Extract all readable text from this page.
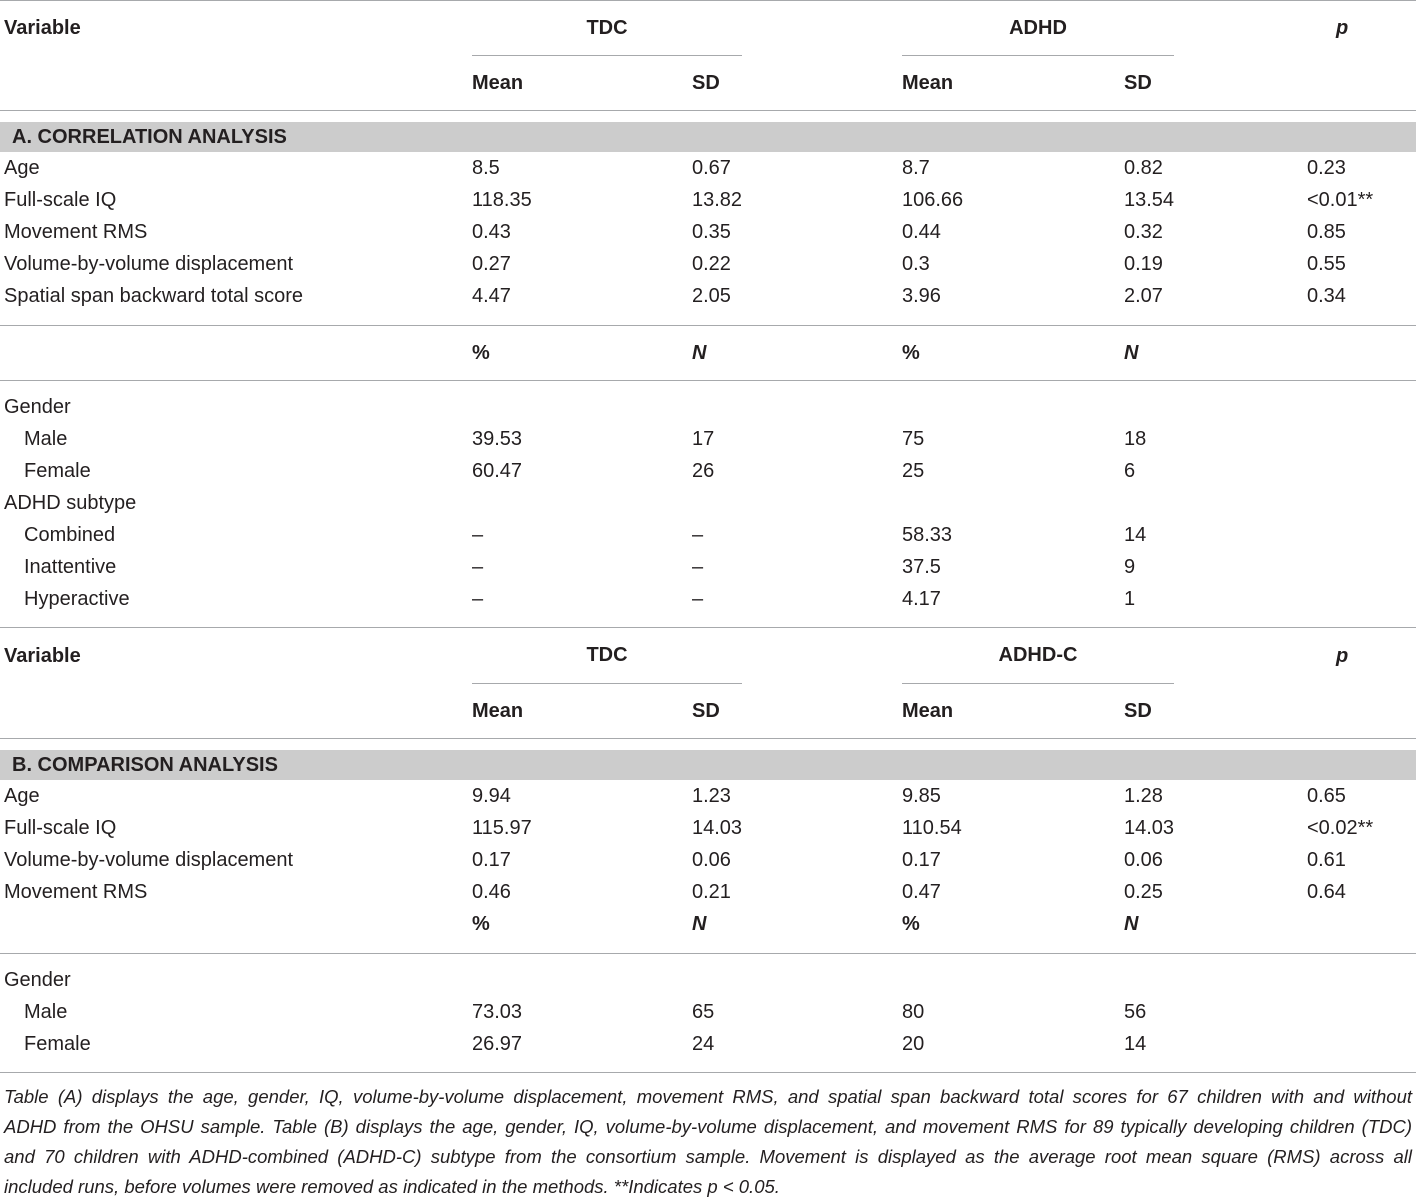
Variable	TDC	ADHD	p
Mean	SD	Mean	SD
A. CORRELATION ANALYSIS
Age	8.5	0.67	8.7	0.82	0.23
Full-scale IQ	118.35	13.82	106.66	13.54	<0.01**
Movement RMS	0.43	0.35	0.44	0.32	0.85
Volume-by-volume displacement	0.27	0.22	0.3	0.19	0.55
Spatial span backward total score	4.47	2.05	3.96	2.07	0.34
%	N	%	N
Gender
Male	39.53	17	75	18
Female	60.47	26	25	6
ADHD subtype
Combined	–	–	58.33	14
Inattentive	–	–	37.5	9
Hyperactive	–	–	4.17	1
Variable	TDC	ADHD-C	p
Mean	SD	Mean	SD
B. COMPARISON ANALYSIS
Age	9.94	1.23	9.85	1.28	0.65
Full-scale IQ	115.97	14.03	110.54	14.03	<0.02**
Volume-by-volume displacement	0.17	0.06	0.17	0.06	0.61
Movement RMS	0.46	0.21	0.47	0.25	0.64
%	N	%	N
Gender
Male	73.03	65	80	56
Female	26.97	24	20	14
Table (A) displays the age, gender, IQ, volume-by-volume displacement, movement RMS, and spatial span backward total scores for 67 children with and without
ADHD from the OHSU sample. Table (B) displays the age, gender, IQ, volume-by-volume displacement, and movement RMS for 89 typically developing children (TDC)
and 70 children with ADHD-combined (ADHD-C) subtype from the consortium sample. Movement is displayed as the average root mean square (RMS) across all
included runs, before volumes were removed as indicated in the methods. **Indicates p < 0.05.
